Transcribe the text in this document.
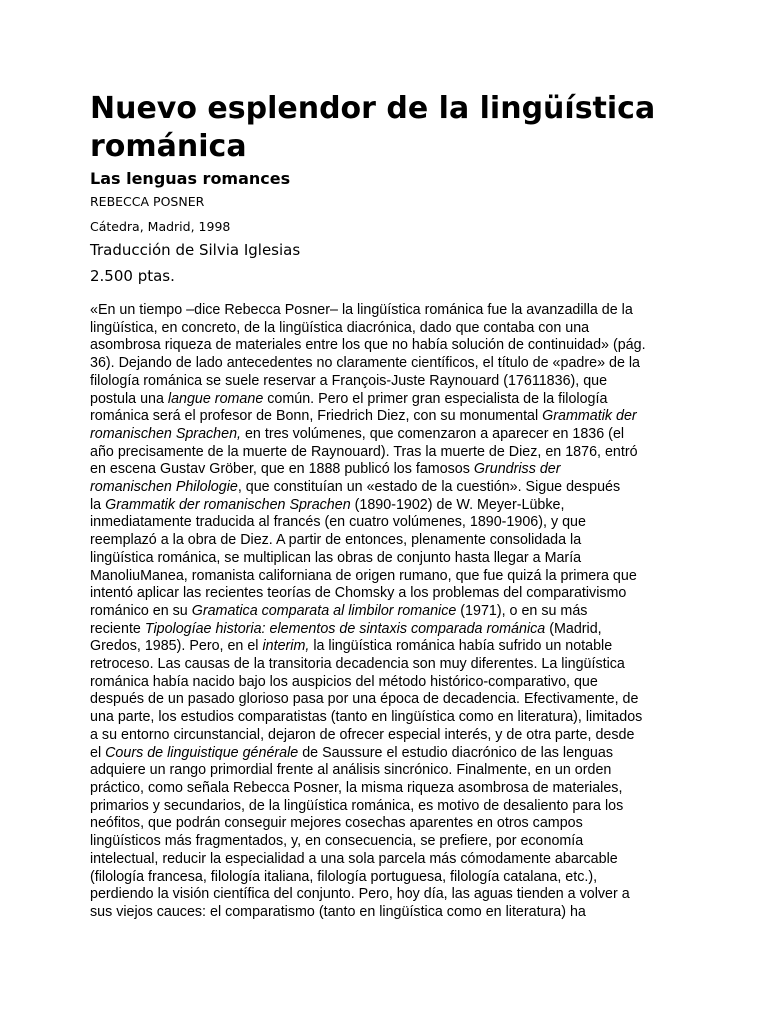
Nuevo esplendor de la lingüística románica
Las lenguas romances
REBECCA POSNER
Cátedra, Madrid, 1998
Traducción de Silvia Iglesias
2.500 ptas.
«En un tiempo –dice Rebecca Posner– la lingüística románica fue la avanzadilla de la
lingüística, en concreto, de la lingüística diacrónica, dado que contaba con una
asombrosa riqueza de materiales entre los que no había solución de continuidad» (pág.
36). Dejando de lado antecedentes no claramente científicos, el título de «padre» de la
filología románica se suele reservar a François-Juste Raynouard (17611836), que
postula una langue romane común. Pero el primer gran especialista de la filología
románica será el profesor de Bonn, Friedrich Diez, con su monumental Grammatik der
romanischen Sprachen, en tres volúmenes, que comenzaron a aparecer en 1836 (el
año precisamente de la muerte de Raynouard). Tras la muerte de Diez, en 1876, entró
en escena Gustav Gröber, que en 1888 publicó los famosos Grundriss der
romanischen Philologie, que constituían un «estado de la cuestión». Sigue después
la Grammatik der romanischen Sprachen (1890-1902) de W. Meyer-Lübke,
inmediatamente traducida al francés (en cuatro volúmenes, 1890-1906), y que
reemplazó a la obra de Diez. A partir de entonces, plenamente consolidada la
lingüística románica, se multiplican las obras de conjunto hasta llegar a María
ManoliuManea, romanista californiana de origen rumano, que fue quizá la primera que
intentó aplicar las recientes teorías de Chomsky a los problemas del comparativismo
románico en su Gramatica comparata al limbilor romanice (1971), o en su más
reciente Tipologíae historia: elementos de sintaxis comparada románica (Madrid,
Gredos, 1985). Pero, en el interim, la lingüística románica había sufrido un notable
retroceso. Las causas de la transitoria decadencia son muy diferentes. La lingüística
románica había nacido bajo los auspicios del método histórico-comparativo, que
después de un pasado glorioso pasa por una época de decadencia. Efectivamente, de
una parte, los estudios comparatistas (tanto en lingüística como en literatura), limitados
a su entorno circunstancial, dejaron de ofrecer especial interés, y de otra parte, desde
el Cours de linguistique générale de Saussure el estudio diacrónico de las lenguas
adquiere un rango primordial frente al análisis sincrónico. Finalmente, en un orden
práctico, como señala Rebecca Posner, la misma riqueza asombrosa de materiales,
primarios y secundarios, de la lingüística románica, es motivo de desaliento para los
neófitos, que podrán conseguir mejores cosechas aparentes en otros campos
lingüísticos más fragmentados, y, en consecuencia, se prefiere, por economía
intelectual, reducir la especialidad a una sola parcela más cómodamente abarcable
(filología francesa, filología italiana, filología portuguesa, filología catalana, etc.),
perdiendo la visión científica del conjunto. Pero, hoy día, las aguas tienden a volver a
sus viejos cauces: el comparatismo (tanto en lingüística como en literatura) ha
